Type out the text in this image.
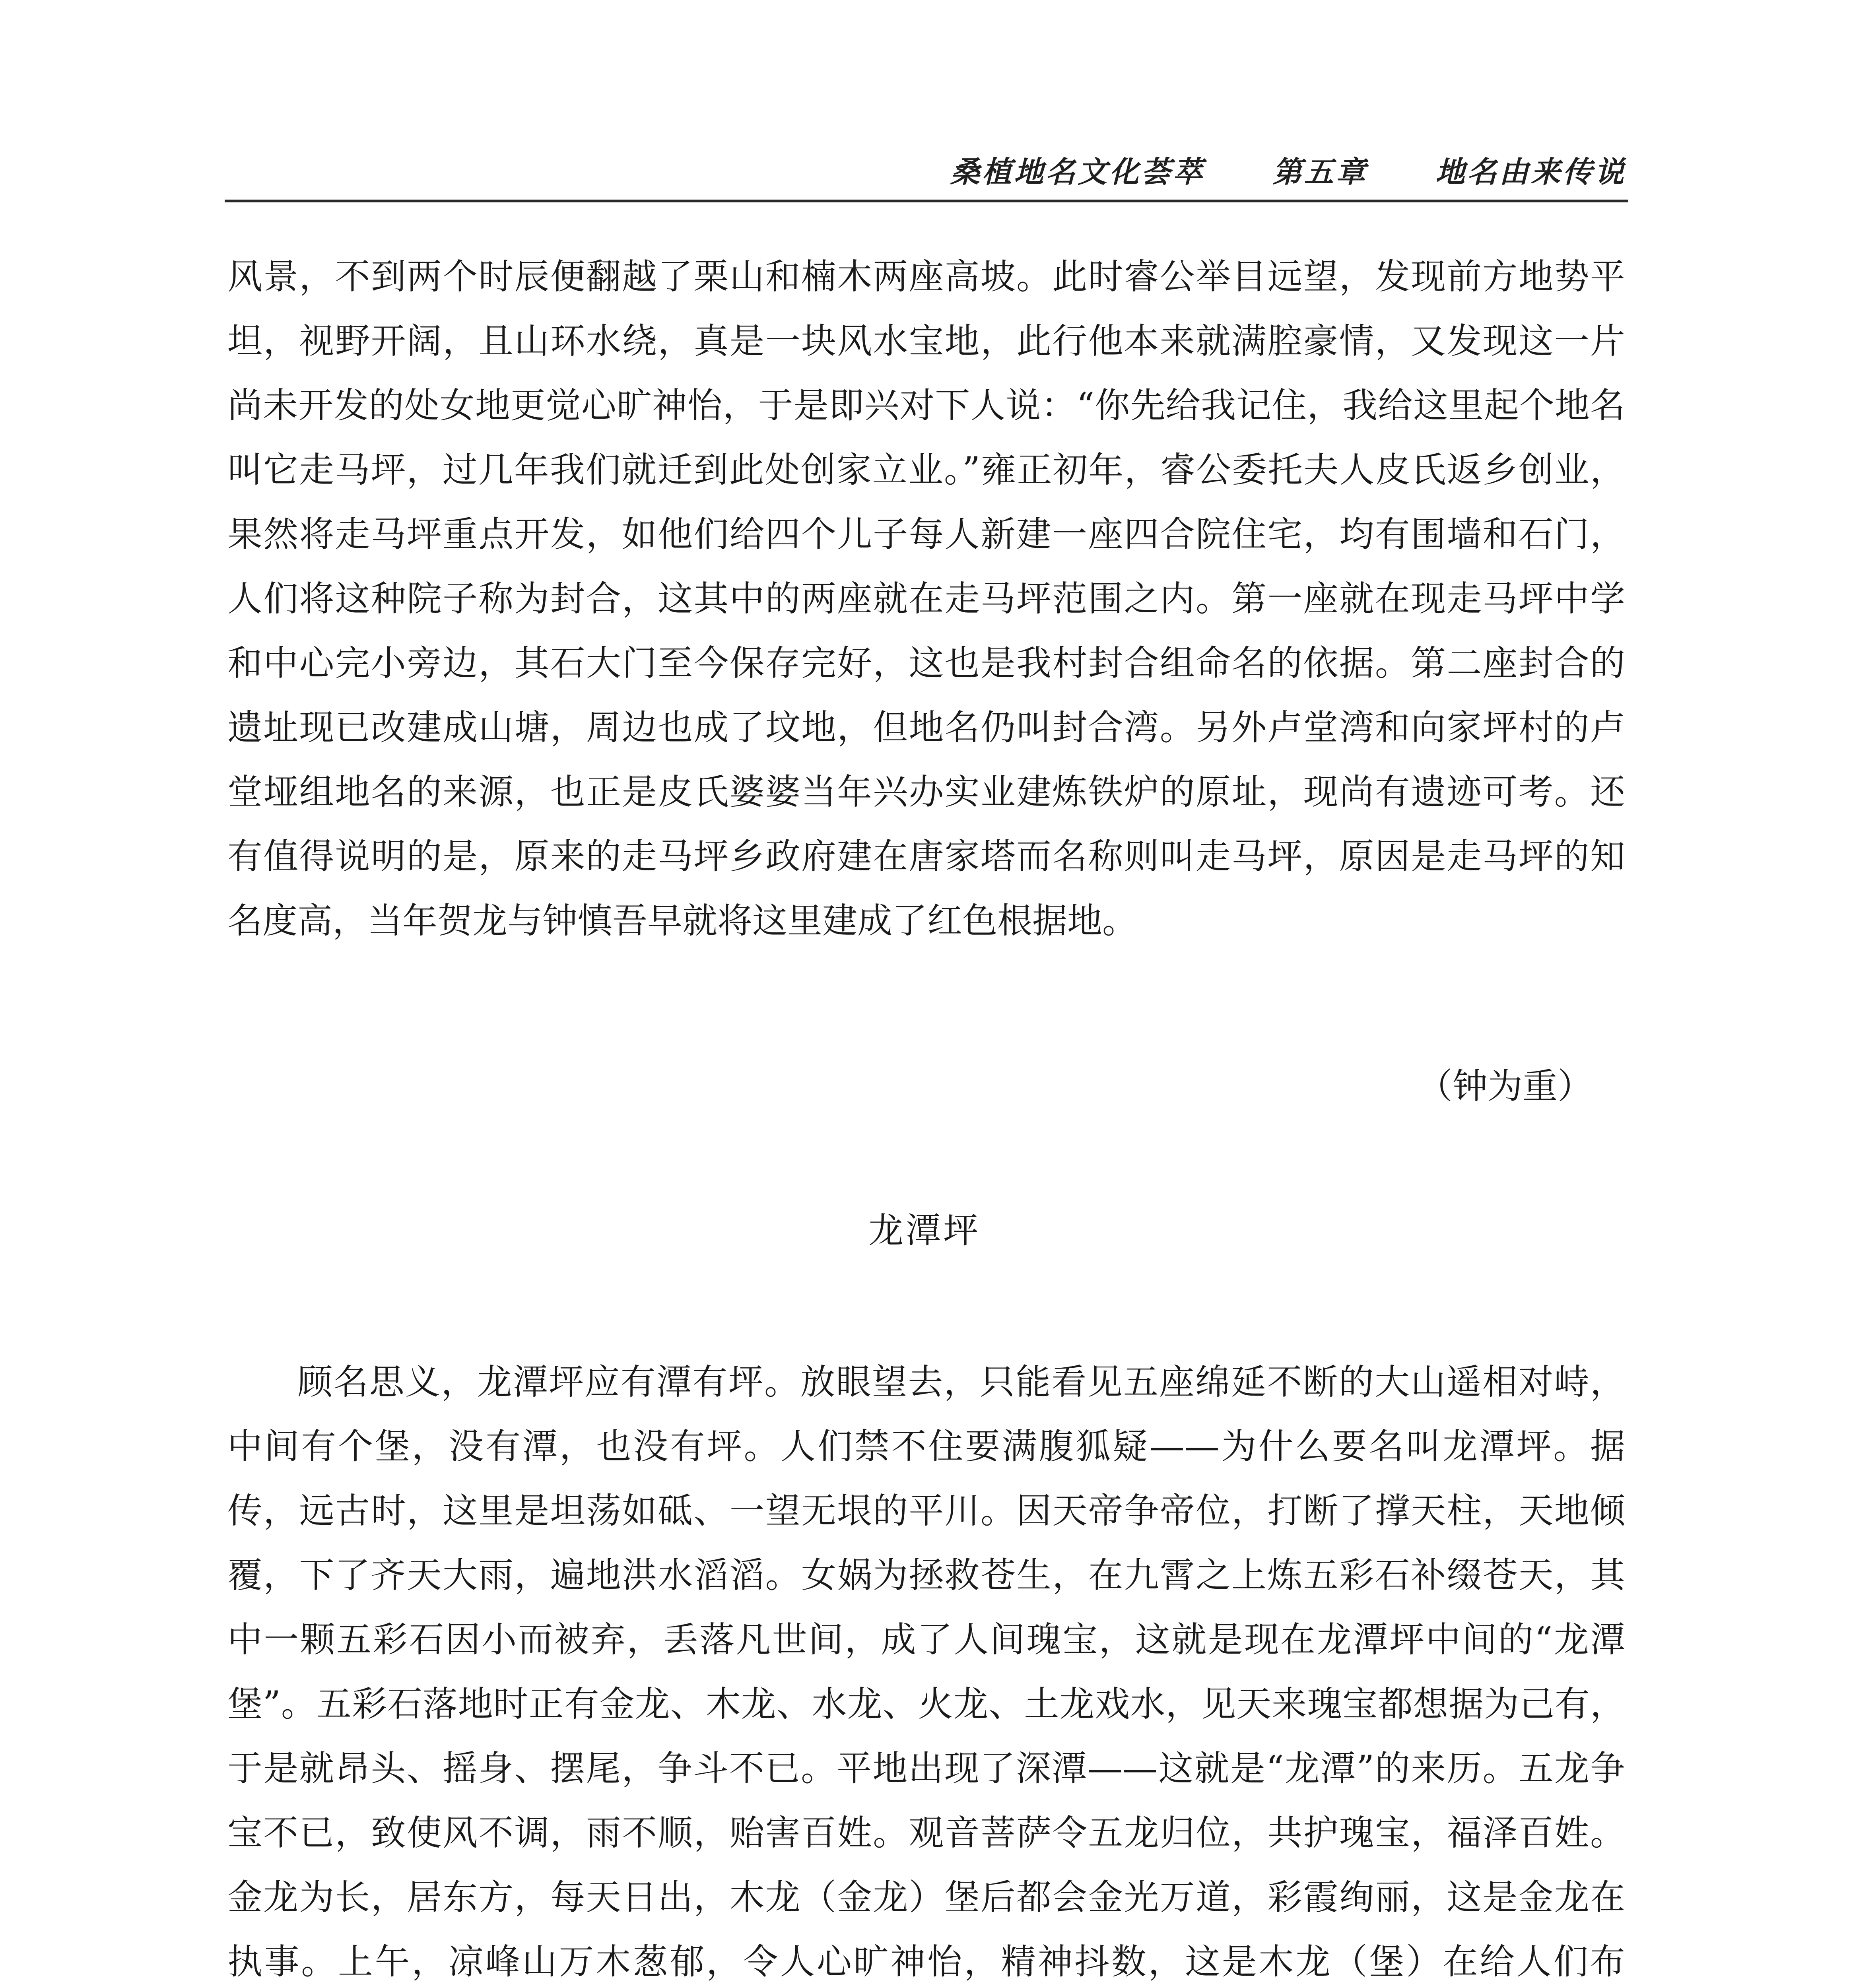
桑植地名文化荟萃 第五章 地名由来传说

风景，不到两个时辰便翻越了栗山和楠木两座高坡。此时睿公举目远望，发现前方地势平坦，视野开阔，且山环水绕，真是一块风水宝地，此行他本来就满腔豪情，又发现这一片尚未开发的处女地更觉心旷神怡，于是即兴对下人说：“你先给我记住，我给这里起个地名叫它走马坪，过几年我们就迁到此处创家立业。”雍正初年，睿公委托夫人皮氏返乡创业，果然将走马坪重点开发，如他们给四个儿子每人新建一座四合院住宅，均有围墙和石门，人们将这种院子称为封合，这其中的两座就在走马坪范围之内。第一座就在现走马坪中学和中心完小旁边，其石大门至今保存完好，这也是我村封合组命名的依据。第二座封合的遗址现已改建成山塘，周边也成了坟地，但地名仍叫封合湾。另外卢堂湾和向家坪村的卢堂垭组地名的来源，也正是皮氏婆婆当年兴办实业建炼铁炉的原址，现尚有遗迹可考。还有值得说明的是，原来的走马坪乡政府建在唐家塔而名称则叫走马坪，原因是走马坪的知名度高，当年贺龙与钟慎吾早就将这里建成了红色根据地。

（钟为重）
龙潭坪

顾名思义，龙潭坪应有潭有坪。放眼望去，只能看见五座绵延不断的大山遥相对峙，中间有个堡，没有潭，也没有坪。人们禁不住要满腹狐疑——为什么要名叫龙潭坪。据传，远古时，这里是坦荡如砥、一望无垠的平川。因天帝争帝位，打断了撑天柱，天地倾覆，下了齐天大雨，遍地洪水滔滔。女娲为拯救苍生，在九霄之上炼五彩石补缀苍天，其中一颗五彩石因小而被弃，丢落凡世间，成了人间瑰宝，这就是现在龙潭坪中间的“龙潭堡”。五彩石落地时正有金龙、木龙、水龙、火龙、土龙戏水，见天来瑰宝都想据为己有，于是就昂头、摇身、摆尾，争斗不已。平地出现了深潭——这就是“龙潭”的来历。五龙争宝不已，致使风不调，雨不顺，贻害百姓。观音菩萨令五龙归位，共护瑰宝，福泽百姓。金龙为长，居东方，每天日出，木龙（金龙）堡后都会金光万道，彩霞绚丽，这是金龙在执事。上午，凉峰山万木葱郁，令人心旷神怡，精神抖数，这是木龙（堡）在给人们布
